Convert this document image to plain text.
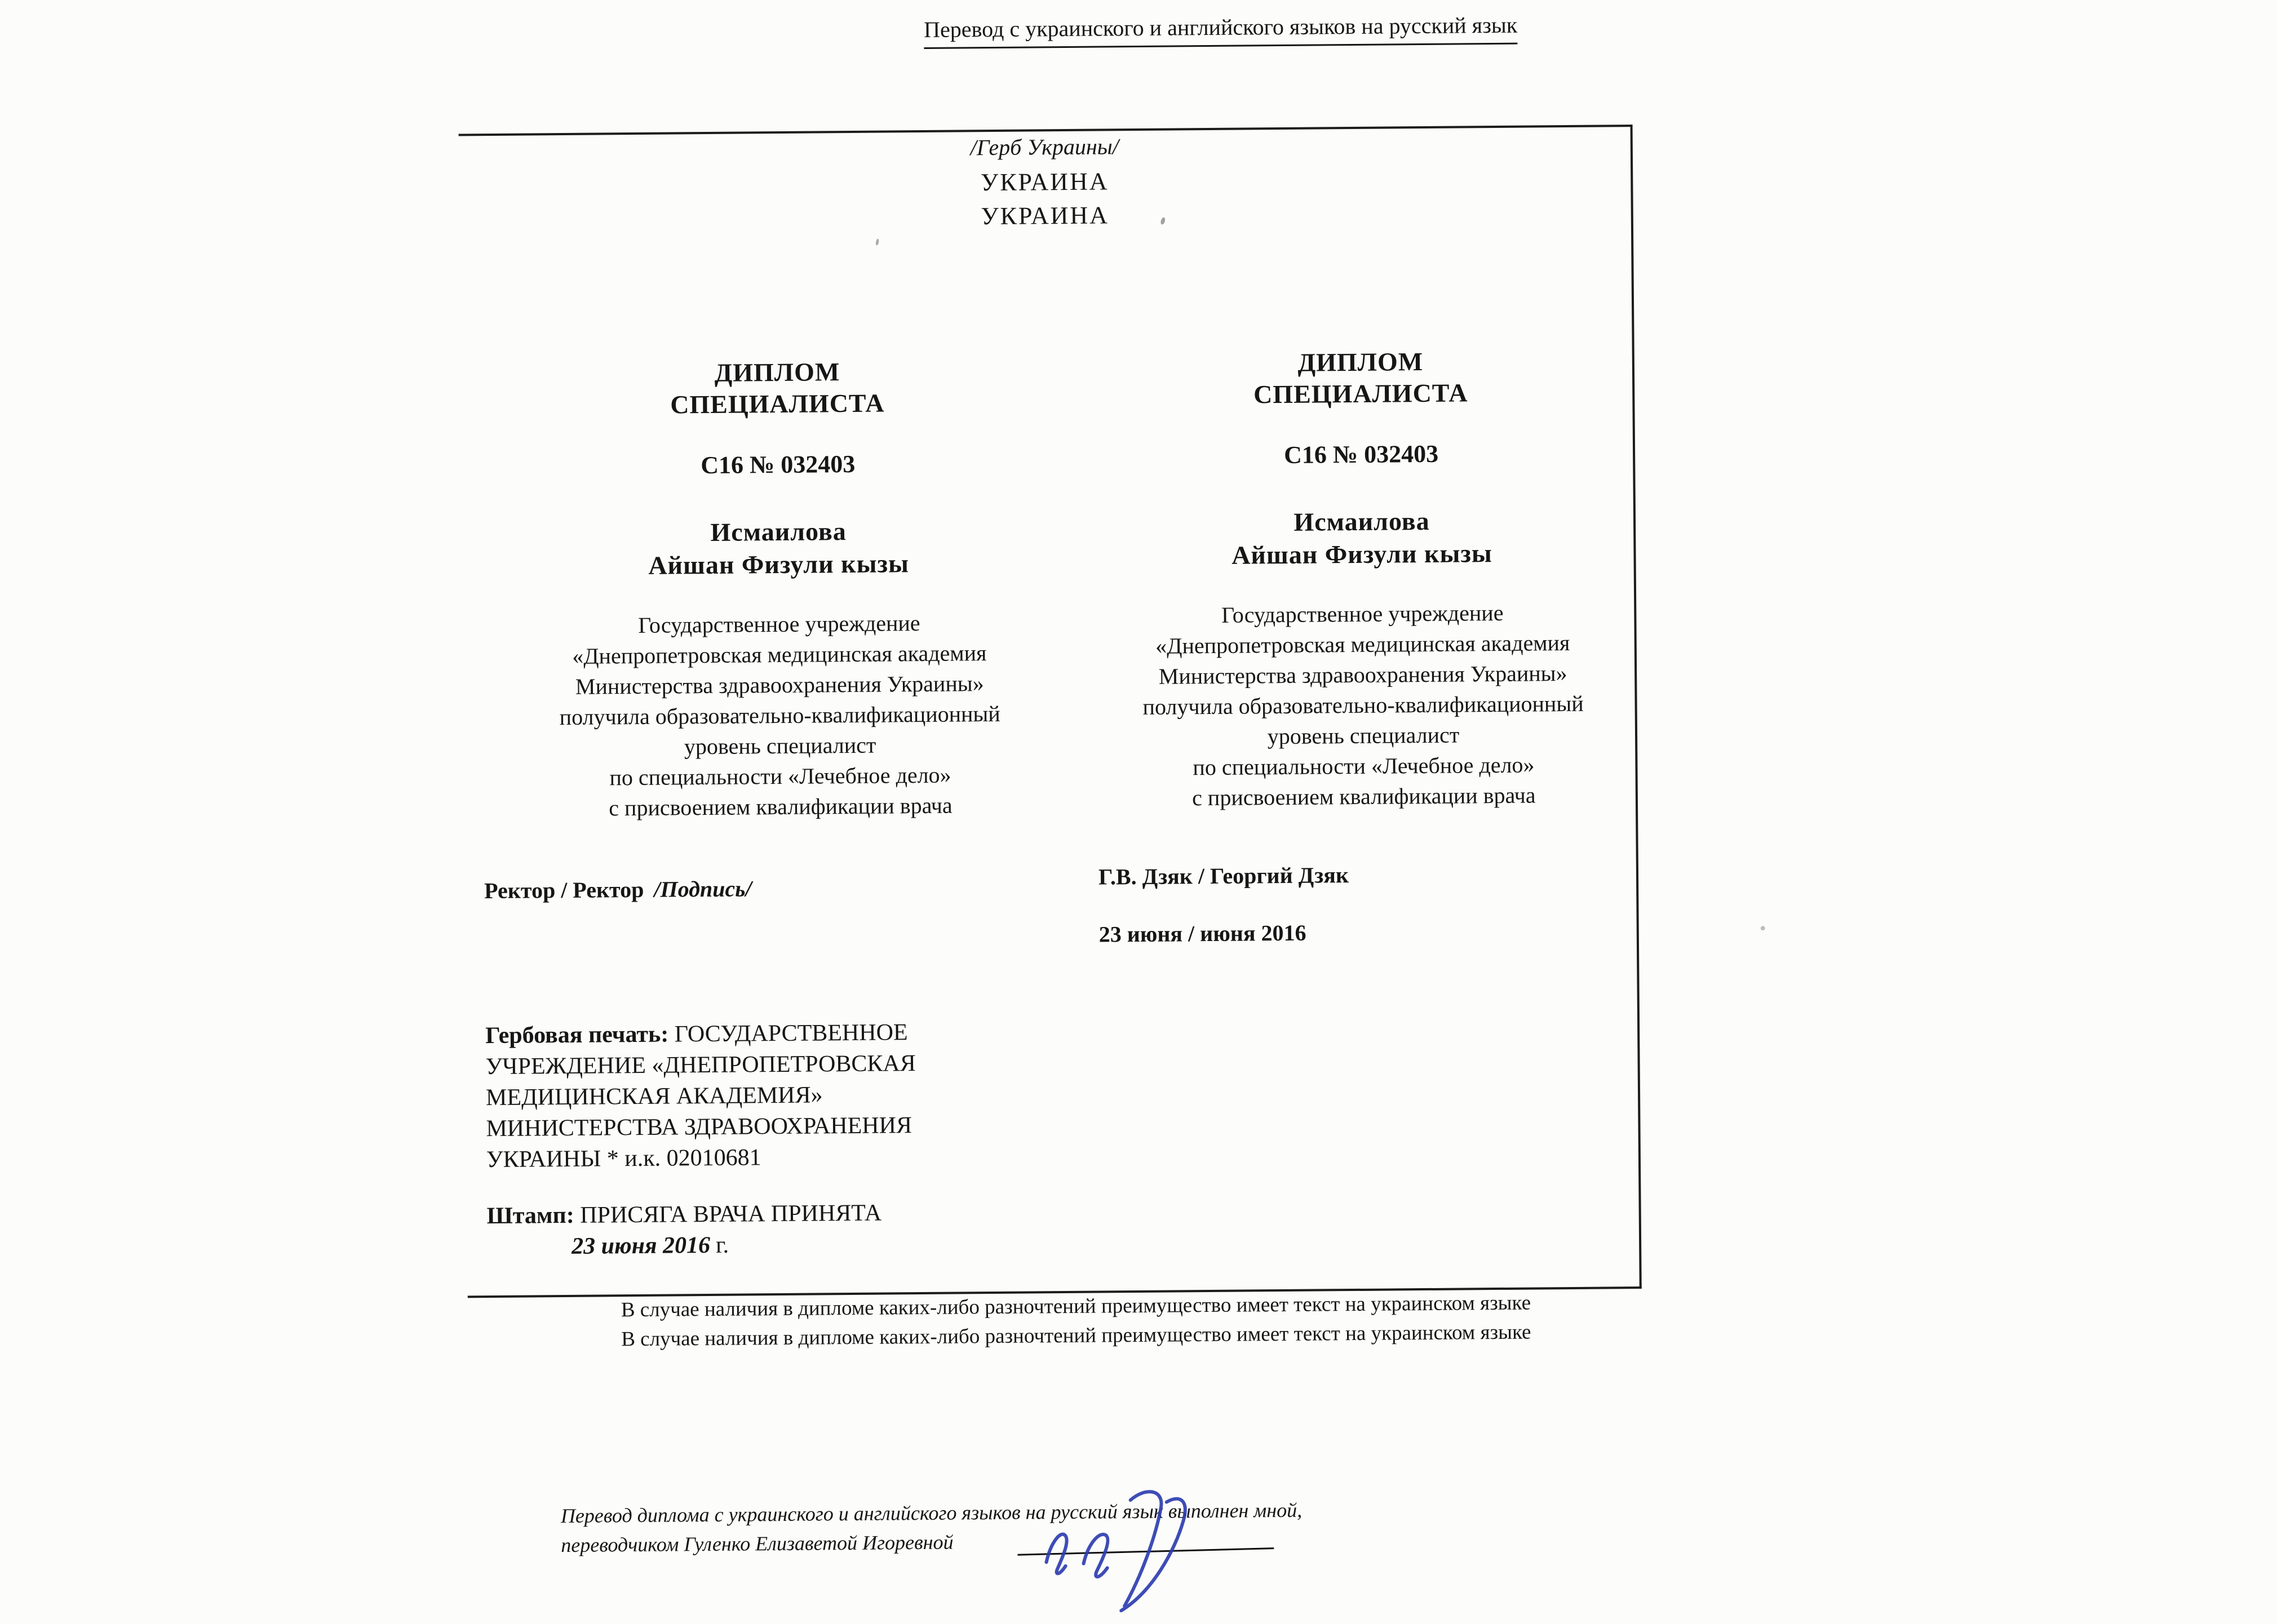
Перевод с украинского и английского языков на русский язык
/Герб Украины/
УКРАИНА
УКРАИНА
ДИПЛОМ
СПЕЦИАЛИСТА
С16 № 032403
Исмаилова
Айшан Физули кызы
Государственное учреждение
«Днепропетровская медицинская академия
Министерства здравоохранения Украины»
получила образовательно-квалификационный
уровень специалист
по специальности «Лечебное дело»
с присвоением квалификации врача
ДИПЛОМ
СПЕЦИАЛИСТА
С16 № 032403
Исмаилова
Айшан Физули кызы
Государственное учреждение
«Днепропетровская медицинская академия
Министерства здравоохранения Украины»
получила образовательно-квалификационный
уровень специалист
по специальности «Лечебное дело»
с присвоением квалификации врача
Ректор / Ректор /Подпись/	Г.В. Дзяк / Георгий Дзяк
23 июня / июня 2016
Гербовая печать: ГОСУДАРСТВЕННОЕ
УЧРЕЖДЕНИЕ «ДНЕПРОПЕТРОВСКАЯ
МЕДИЦИНСКАЯ АКАДЕМИЯ»
МИНИСТЕРСТВА ЗДРАВООХРАНЕНИЯ
УКРАИНЫ * и.к. 02010681
Штамп: ПРИСЯГА ВРАЧА ПРИНЯТА
23 июня 2016 г.
В случае наличия в дипломе каких-либо разночтений преимущество имеет текст на украинском языке
В случае наличия в дипломе каких-либо разночтений преимущество имеет текст на украинском языке
Перевод диплома с украинского и английского языков на русский язык выполнен мной,
переводчиком Гуленко Елизаветой Игоревной
